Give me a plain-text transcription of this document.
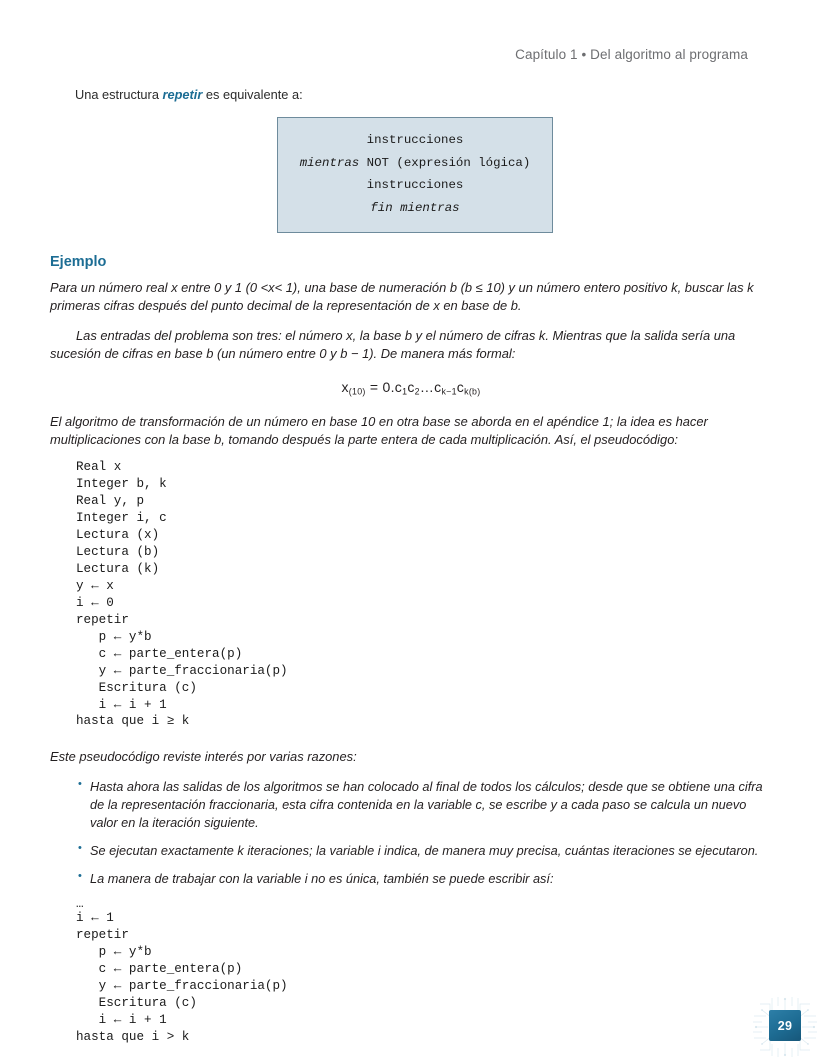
Capítulo 1 • Del algoritmo al programa

Una estructura repetir es equivalente a:

instrucciones
mientras NOT (expresión lógica)
instrucciones
fin mientras
Ejemplo

Para un número real x entre 0 y 1 (0 <x< 1), una base de numeración b (b ≤ 10) y un número entero positivo k, buscar las k primeras cifras después del punto decimal de la representación de x en base de b.

Las entradas del problema son tres: el número x, la base b y el número de cifras k. Mientras que la salida sería una sucesión de cifras en base b (un número entre 0 y b − 1). De manera más formal:

$x_{(10)}$ = $0.c_1c_2\dots c_{k-1}c_{k(b)}$

El algoritmo de transformación de un número en base 10 en otra base se aborda en el apéndice 1; la idea es hacer multiplicaciones con la base b, tomando después la parte entera de cada multiplicación. Así, el pseudocódigo:

Real x
Integer b, k
Real y, p
Integer i, c
Lectura (x)
Lectura (b)
Lectura (k)
y ← x
i ← 0
repetir
p ← y*b
c ← parte_entera(p)
y ← parte_fraccionaria(p)
Escritura (c)
i ← i + 1
hasta que i ≥ k

Este pseudocódigo reviste interés por varias razones:

• Hasta ahora las salidas de los algoritmos se han colocado al final de todos los cálculos; desde que se obtiene una cifra de la representación fraccionaria, esta cifra contenida en la variable c, se escribe y a cada paso se calcula un nuevo valor en la iteración siguiente.
• Se ejecutan exactamente k iteraciones; la variable i indica, de manera muy precisa, cuántas iteraciones se ejecutaron.
• La manera de trabajar con la variable i no es única, también se puede escribir así:
…
i ← 1
repetir
p ← y*b
c ← parte_entera(p)
y ← parte_fraccionaria(p)
Escritura (c)
i ← i + 1
hasta que i > k
29
